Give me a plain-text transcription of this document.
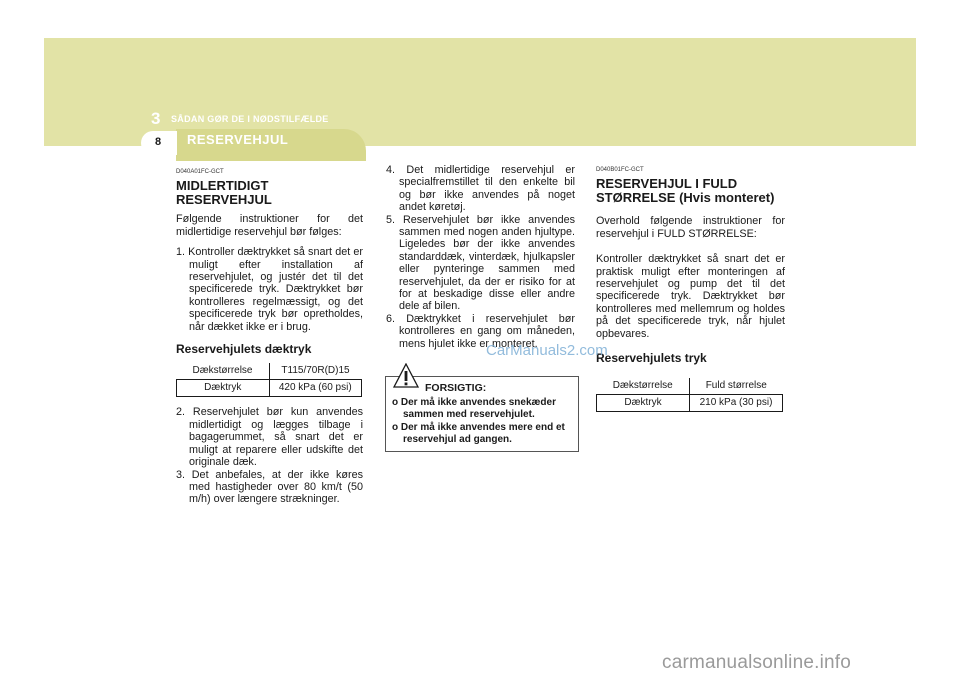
3 SÅDAN GØR DE I NØDSTILFÆLDE
RESERVEHJUL
8
D040A01FC-GCT
MIDLERTIDIGT RESERVEHJUL

Følgende instruktioner for det midlertidige reservehjul bør følges:

1. Kontroller dæktrykket så snart det er muligt efter installation af reservehjulet, og justér det til det specificerede tryk. Dæktrykket bør kontrolleres regelmæssigt, og det specificerede tryk bør opretholdes, når dækket ikke er i brug.

Reservehjulets dæktryk
Dækstørrelse	T115/70R(D)15
Dæktryk	420 kPa (60 psi)

2. Reservehjulet bør kun anvendes midlertidigt og lægges tilbage i bagagerummet, så snart det er muligt at reparere eller udskifte det originale dæk.

3. Det anbefales, at der ikke køres med hastigheder over 80 km/t (50 m/h) over længere strækninger.

4. Det midlertidige reservehjul er specialfremstillet til den enkelte bil og bør ikke anvendes på noget andet køretøj.

5. Reservehjulet bør ikke anvendes sammen med nogen anden hjultype. Ligeledes bør der ikke anvendes standarddæk, vinterdæk, hjulkapsler eller pynteringe sammen med reservehjulet, da der er risiko for at for at beskadige disse eller andre dele af bilen.

6. Dæktrykket i reservehjulet bør kontrolleres en gang om måneden, mens hjulet ikke er monteret.

FORSIGTIG:
o Der må ikke anvendes snekæder sammen med reservehjulet.
o Der må ikke anvendes mere end et reservehjul ad gangen.
D040B01FC-GCT
RESERVEHJUL I FULD STØRRELSE (Hvis monteret)

Overhold følgende instruktioner for reservehjul i FULD STØRRELSE:

Kontroller dæktrykket så snart det er praktisk muligt efter monteringen af reservehjulet og pump det til det specificerede tryk. Dæktrykket bør kontrolleres med mellemrum og holdes på det specificerede tryk, når hjulet opbevares.

Reservehjulets tryk
Dækstørrelse	Fuld størrelse
Dæktryk	210 kPa (30 psi)
CarManuals2.com
carmanualsonline.info
